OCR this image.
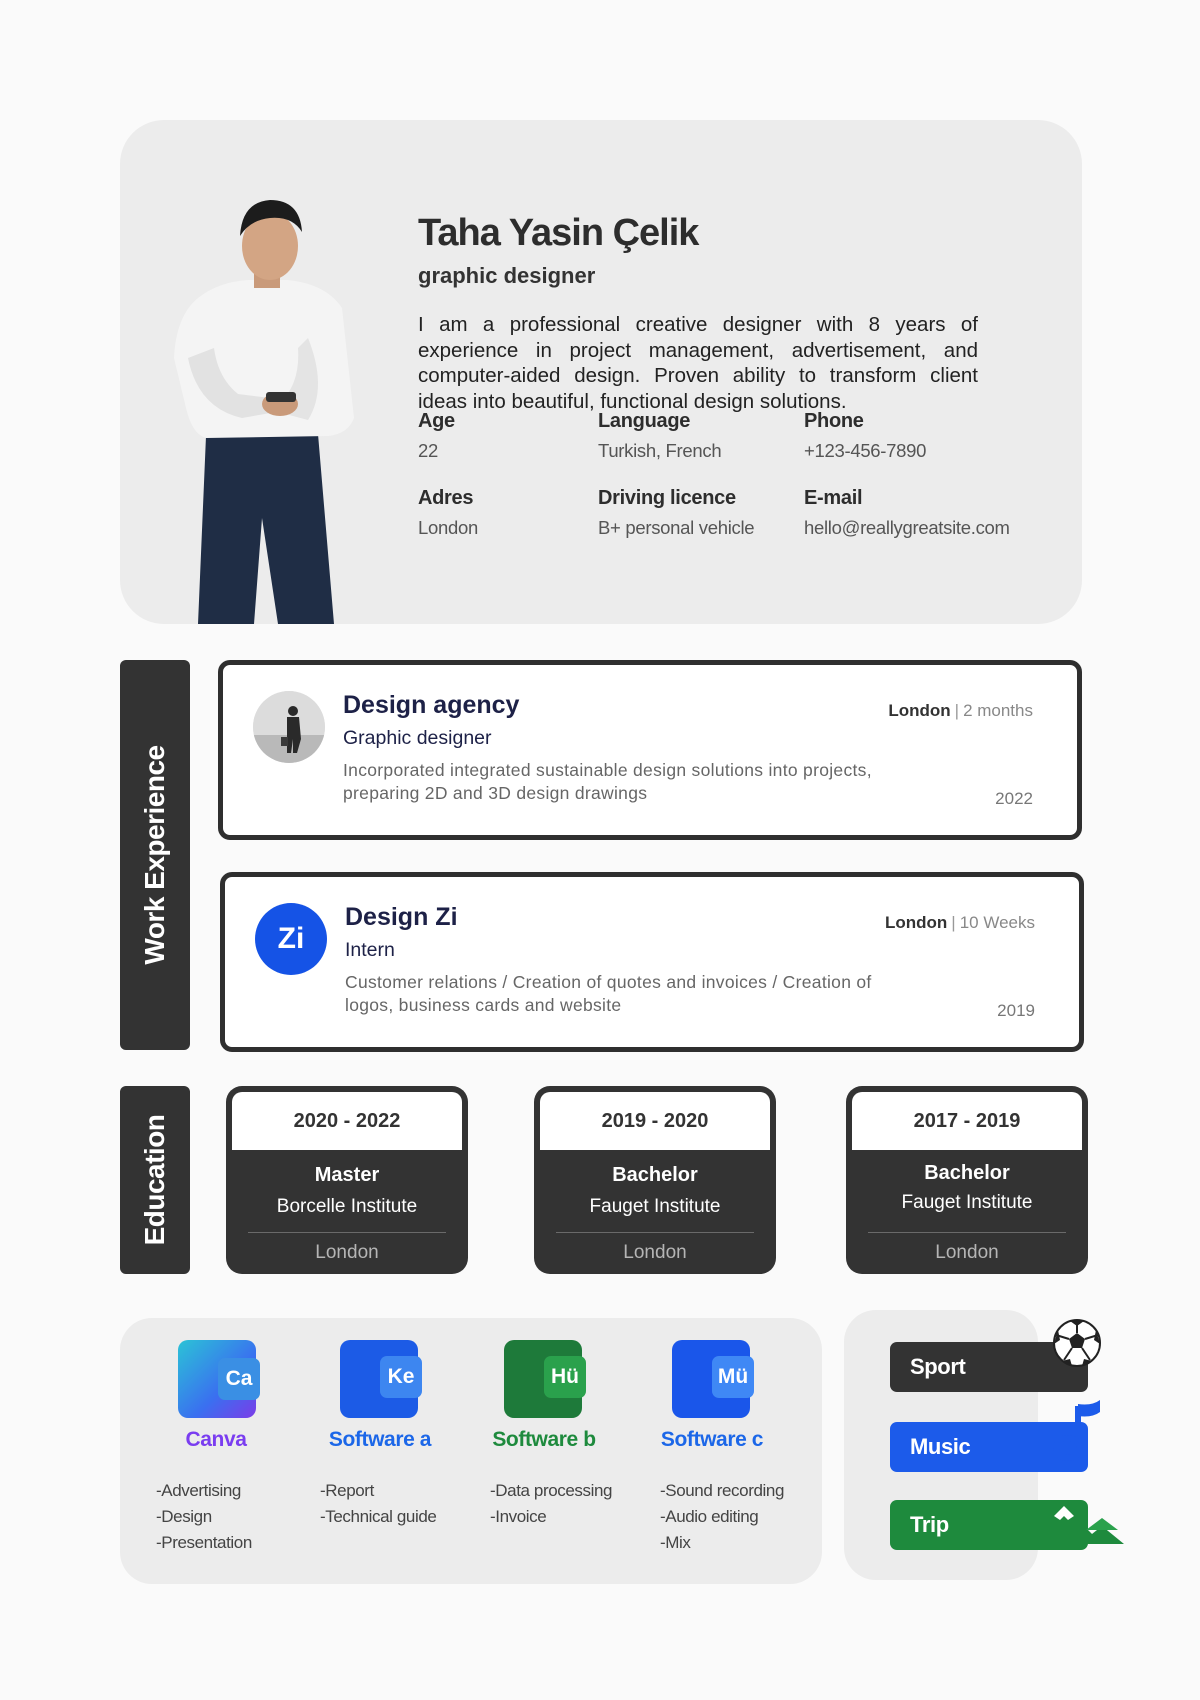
Taha Yasin Çelik
graphic designer
I am a professional creative designer with 8 years of experience in project management, advertisement, and computer-aided design. Proven ability to transform client ideas into beautiful, functional design solutions.
Age
22
Language
Turkish, French
Phone
+123-456-7890
Adres
London
Driving licence
B+ personal vehicle
E-mail
hello@reallygreatsite.com
Work Experience
Design agency
Graphic designer
Incorporated integrated sustainable design solutions into projects, preparing 2D and 3D design drawings
London | 2 months
2022
Zi
Design Zi
Intern
Customer relations / Creation of quotes and invoices / Creation of logos, business cards and website
London | 10 Weeks
2019
Education	2020 - 2022
Master
Borcelle Institute
London
2019 - 2020
Bachelor
Fauget Institute
London
2017 - 2019
Bachelor
Fauget Institute
London
Ca
Canva
-Advertising
-Design
-Presentation
Ke
Software a
-Report
-Technical guide
Hü
Software b
-Data processing
-Invoice
Mü
Software c
-Sound recording
-Audio editing
-Mix
Sport
Music
Trip
